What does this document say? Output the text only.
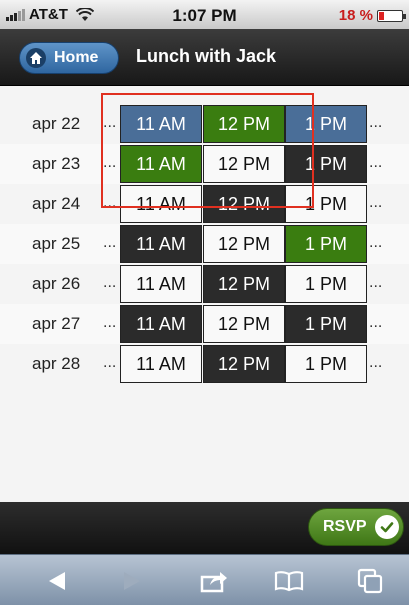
AT&T	1:07 PM	18 %
Home Lunch with Jack
apr 22 ...	11 AM	12 PM	1 PM	...
apr 23 ...	11 AM	12 PM	1 PM	...
apr 24 ...	11 AM	12 PM	1 PM	...
apr 25 ...	11 AM	12 PM	1 PM	...
apr 26 ...	11 AM	12 PM	1 PM	...
apr 27 ...	11 AM	12 PM	1 PM	...
apr 28 ...	11 AM	12 PM	1 PM	...
RSVP
